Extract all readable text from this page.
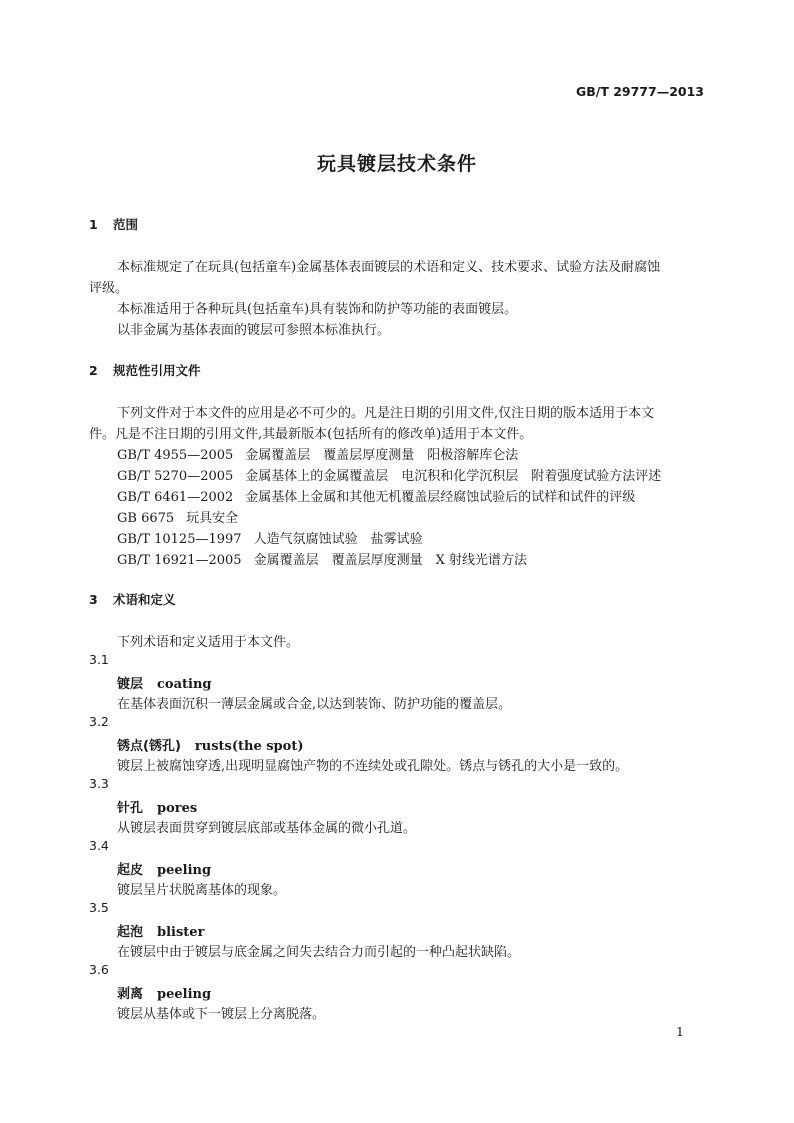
GB/T 29777—2013
玩具镀层技术条件
1 范围
本标准规定了在玩具(包括童车)金属基体表面镀层的术语和定义、技术要求、试验方法及耐腐蚀
评级。
本标准适用于各种玩具(包括童车)具有装饰和防护等功能的表面镀层。
以非金属为基体表面的镀层可参照本标准执行。
2 规范性引用文件
下列文件对于本文件的应用是必不可少的。凡是注日期的引用文件,仅注日期的版本适用于本文
件。凡是不注日期的引用文件,其最新版本(包括所有的修改单)适用于本文件。
GB/T 4955—2005 金属覆盖层　覆盖层厚度测量　阳极溶解库仑法
GB/T 5270—2005 金属基体上的金属覆盖层　电沉积和化学沉积层　附着强度试验方法评述
GB/T 6461—2002 金属基体上金属和其他无机覆盖层经腐蚀试验后的试样和试件的评级
GB 6675 玩具安全
GB/T 10125—1997 人造气氛腐蚀试验　盐雾试验
GB/T 16921—2005 金属覆盖层　覆盖层厚度测量　X 射线光谱方法
3 术语和定义
下列术语和定义适用于本文件。
3.1
镀层 coating
在基体表面沉积一薄层金属或合金,以达到装饰、防护功能的覆盖层。
3.2
锈点(锈孔) rusts(the spot)
镀层上被腐蚀穿透,出现明显腐蚀产物的不连续处或孔隙处。锈点与锈孔的大小是一致的。
3.3
针孔 pores
从镀层表面贯穿到镀层底部或基体金属的微小孔道。
3.4
起皮 peeling
镀层呈片状脱离基体的现象。
3.5
起泡 blister
在镀层中由于镀层与底金属之间失去结合力而引起的一种凸起状缺陷。
3.6
剥离 peeling
镀层从基体或下一镀层上分离脱落。
1
